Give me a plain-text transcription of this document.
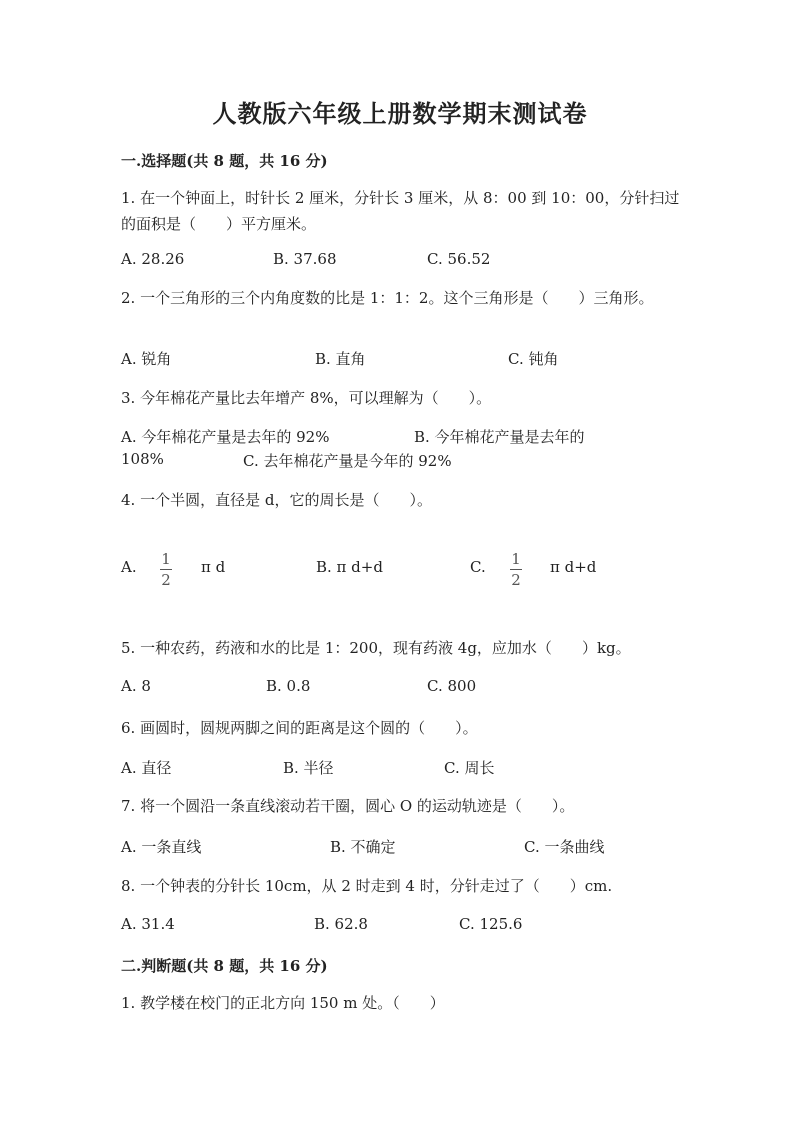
人教版六年级上册数学期末测试卷
一.选择题(共 8 题，共 16 分)
1. 在一个钟面上，时针长 2 厘米，分针长 3 厘米，从 8：00 到 10：00，分针扫过的面积是（　　）平方厘米。
A. 28.26	B. 37.68	C. 56.52
2. 一个三角形的三个内角度数的比是 1：1：2。这个三角形是（　　）三角形。
A. 锐角	B. 直角	C. 钝角
3. 今年棉花产量比去年增产 8%，可以理解为（　　）。
A. 今年棉花产量是去年的 92%	B. 今年棉花产量是去年的
108%	C. 去年棉花产量是今年的 92%
4. 一个半圆，直径是 d，它的周长是（　　）。
A. 1
2
π d	B. π d+d	C. 1
2
π d+d
5. 一种农药，药液和水的比是 1：200，现有药液 4g，应加水（　　）kg。
A. 8	B. 0.8	C. 800
6. 画圆时，圆规两脚之间的距离是这个圆的（　　）。
A. 直径	B. 半径	C. 周长
7. 将一个圆沿一条直线滚动若干圈，圆心 O 的运动轨迹是（　　）。
A. 一条直线	B. 不确定	C. 一条曲线
8. 一个钟表的分针长 10cm，从 2 时走到 4 时，分针走过了（　　）cm.
A. 31.4	B. 62.8	C. 125.6
二.判断题(共 8 题，共 16 分)
1. 教学楼在校门的正北方向 150 m 处。（　　）
